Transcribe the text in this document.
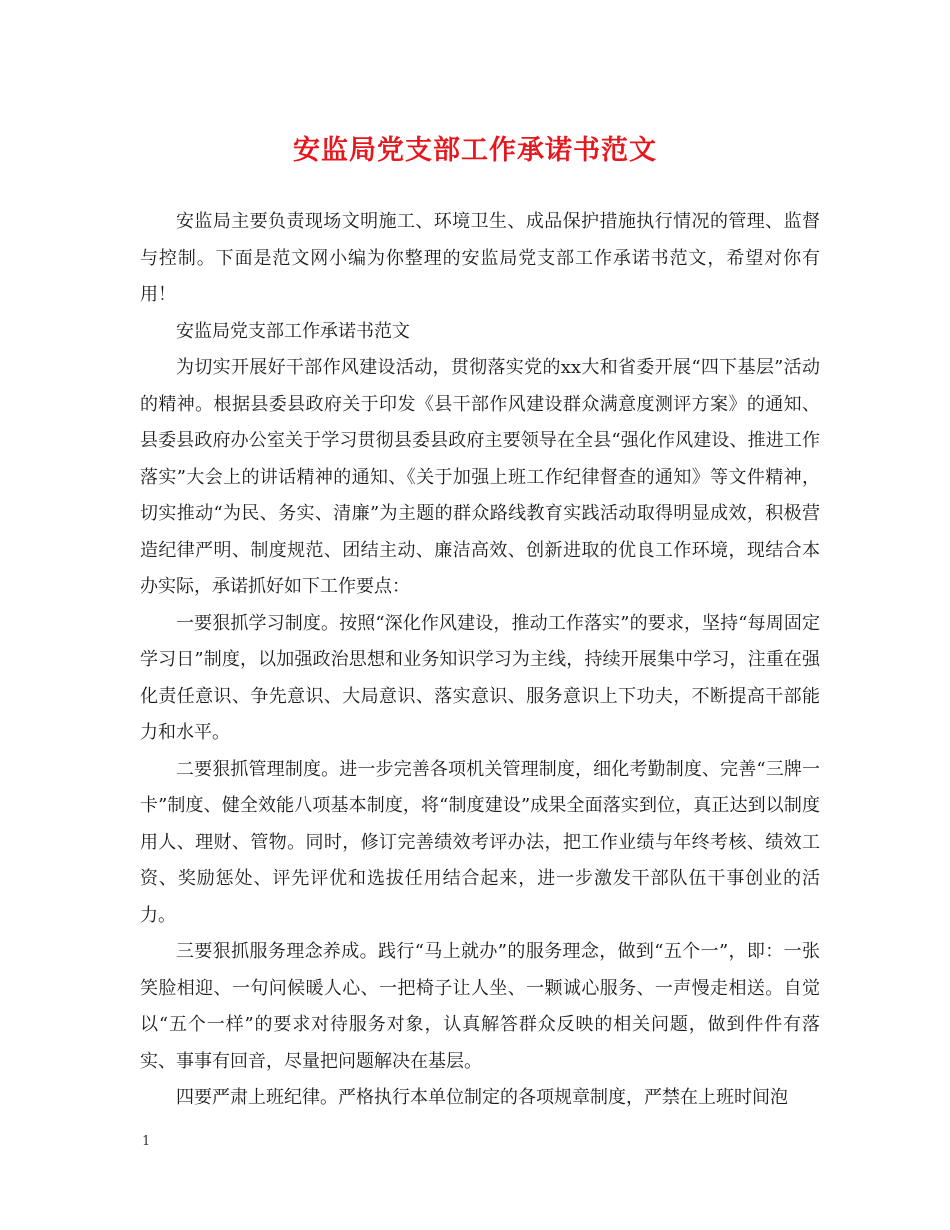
安监局党支部工作承诺书范文

安监局主要负责现场文明施工、环境卫生、成品保护措施执行情况的管理、监督与控制。下面是范文网小编为你整理的安监局党支部工作承诺书范文，希望对你有用！

安监局党支部工作承诺书范文

为切实开展好干部作风建设活动，贯彻落实党的xx大和省委开展“四下基层”活动的精神。根据县委县政府关于印发《县干部作风建设群众满意度测评方案》的通知、县委县政府办公室关于学习贯彻县委县政府主要领导在全县“强化作风建设、推进工作落实”大会上的讲话精神的通知、《关于加强上班工作纪律督查的通知》等文件精神，切实推动“为民、务实、清廉”为主题的群众路线教育实践活动取得明显成效，积极营造纪律严明、制度规范、团结主动、廉洁高效、创新进取的优良工作环境，现结合本办实际，承诺抓好如下工作要点：

一要狠抓学习制度。按照“深化作风建设，推动工作落实”的要求，坚持“每周固定学习日”制度，以加强政治思想和业务知识学习为主线，持续开展集中学习，注重在强化责任意识、争先意识、大局意识、落实意识、服务意识上下功夫，不断提高干部能力和水平。

二要狠抓管理制度。进一步完善各项机关管理制度，细化考勤制度、完善“三牌一卡”制度、健全效能八项基本制度，将“制度建设”成果全面落实到位，真正达到以制度用人、理财、管物。同时，修订完善绩效考评办法，把工作业绩与年终考核、绩效工资、奖励惩处、评先评优和选拔任用结合起来，进一步激发干部队伍干事创业的活力。

三要狠抓服务理念养成。践行“马上就办”的服务理念，做到“五个一”，即：一张笑脸相迎、一句问候暖人心、一把椅子让人坐、一颗诚心服务、一声慢走相送。自觉以“五个一样”的要求对待服务对象，认真解答群众反映的相关问题，做到件件有落实、事事有回音，尽量把问题解决在基层。

四要严肃上班纪律。严格执行本单位制定的各项规章制度，严禁在上班时间泡

1
